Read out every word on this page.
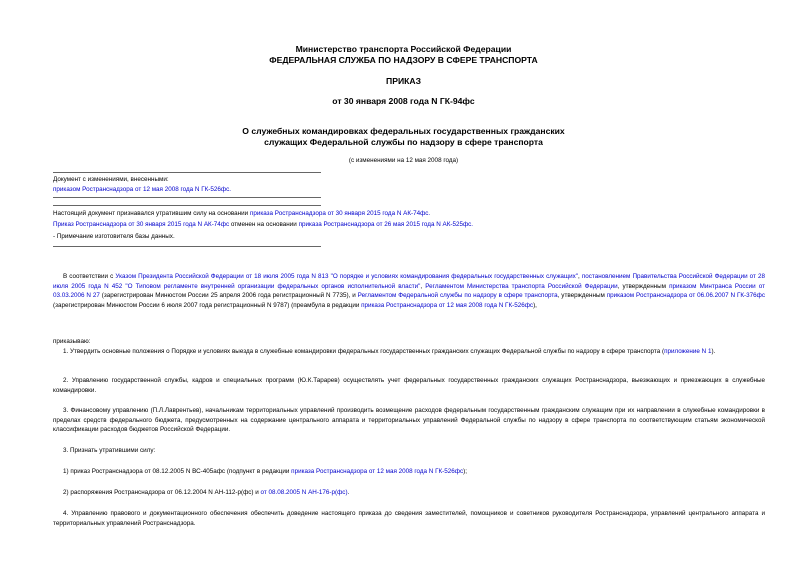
Министерство транспорта Российской Федерации
ФЕДЕРАЛЬНАЯ СЛУЖБА ПО НАДЗОРУ В СФЕРЕ ТРАНСПОРТА
ПРИКАЗ
от 30 января 2008 года N ГК-94фс
О служебных командировках федеральных государственных гражданских
служащих Федеральной службы по надзору в сфере транспорта
(с изменениями на 12 мая 2008 года)
Документ с изменениями, внесенными:
приказом Ространснадзора от 12 мая 2008 года N ГК-526фс.
Настоящий документ признавался утратившим силу на основании приказа Ространснадзора от 30 января 2015 года N АК-74фс.
Приказ Ространснадзора от 30 января 2015 года N АК-74фс отменен на основании приказа Ространснадзора от 26 мая 2015 года N АК-525фс.
- Примечание изготовителя базы данных.
В соответствии с Указом Президента Российской Федерации от 18 июля 2005 года N 813 "О порядке и условиях командирования федеральных государственных служащих", постановлением Правительства Российской Федерации от 28 июля 2005 года N 452 "О Типовом регламенте внутренней организации федеральных органов исполнительной власти", Регламентом Министерства транспорта Российской Федерации, утвержденным приказом Минтранса России от 03.03.2006 N 27 (зарегистрирован Минюстом России 25 апреля 2006 года регистрационный N 7735), и Регламентом Федеральной службы по надзору в сфере транспорта, утвержденным приказом Ространснадзора от 06.06.2007 N ГК-376фс (зарегистрирован Минюстом России 6 июля 2007 года регистрационный N 9787) (преамбула в редакции приказа Ространснадзора от 12 мая 2008 года N ГК-526фс),
приказываю:
1. Утвердить основные положения о Порядке и условиях выезда в служебные командировки федеральных государственных гражданских служащих Федеральной службы по надзору в сфере транспорта (приложение N 1).
2. Управлению государственной службы, кадров и специальных программ (Ю.К.Тарарев) осуществлять учет федеральных государственных гражданских служащих Ространснадзора, выезжающих и приезжающих в служебные командировки.
3. Финансовому управлению (П.Л.Лаврентьев), начальникам территориальных управлений производить возмещение расходов федеральным государственным гражданским служащим при их направлении в служебные командировки в пределах средств федерального бюджета, предусмотренных на содержание центрального аппарата и территориальных управлений Федеральной службы по надзору в сфере транспорта по соответствующим статьям экономической классификации расходов бюджетов Российской Федерации.
3. Признать утратившими силу:
1) приказ Ространснадзора от 08.12.2005 N ВС-405афс (подпункт в редакции приказа Ространснадзора от 12 мая 2008 года N ГК-526фс);
2) распоряжения Ространснадзора от 06.12.2004 N АН-112-р(фс) и от 08.08.2005 N АН-176-р(фс).
4. Управлению правового и документационного обеспечения обеспечить доведение настоящего приказа до сведения заместителей, помощников и советников руководителя Ространснадзора, управлений центрального аппарата и территориальных управлений Ространснадзора.
